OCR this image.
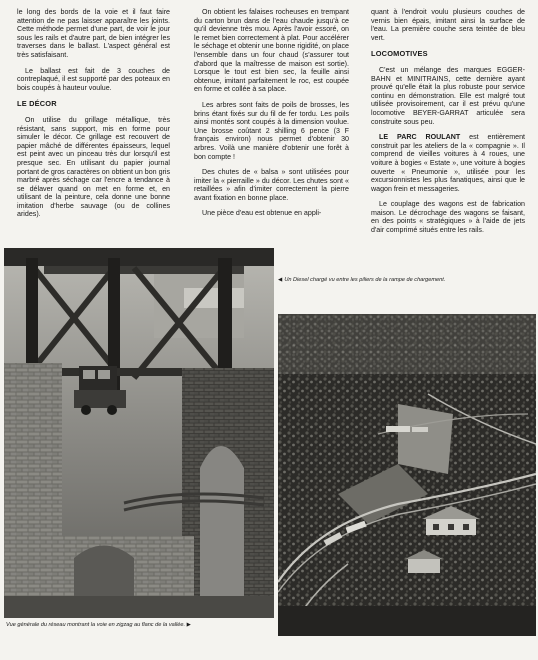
le long des bords de la voie et il faut faire attention de ne pas laisser apparaître les joints. Cette méthode permet d'une part, de voir le jour sous les rails et d'autre part, de bien intégrer les traverses dans le ballast. L'aspect général est très satisfaisant.

Le ballast est fait de 3 couches de contreplaqué, il est supporté par des poteaux en bois coupés à hauteur voulue.

LE DÉCOR

On utilise du grillage métallique, très résistant, sans support, mis en forme pour simuler le décor. Ce grillage est recouvert de papier mâché de différentes épaisseurs, lequel est peint avec un pinceau très dur lorsqu'il est presque sec. En utilisant du papier journal portant de gros caractères on obtient un bon gris marbré après séchage car l'encre a tendance à se délaver quand on met en forme et, en utilisant de la peinture, cela donne une bonne imitation d'herbe sauvage (ou de collines arides).

On obtient les falaises rocheuses en trempant du carton brun dans de l'eau chaude jusqu'à ce qu'il devienne très mou. Après l'avoir essoré, on le remet bien correctement à plat. Pour accélérer le séchage et obtenir une bonne rigidité, on place l'ensemble dans un four chaud (s'assurer tout d'abord que la maîtresse de maison est sortie). Lorsque le tout est bien sec, la feuille ainsi obtenue, imitant parfaitement le roc, est coupée en forme et collée à sa place.

Les arbres sont faits de poils de brosses, les brins étant fixés sur du fil de fer tordu. Les poils ainsi montés sont coupés à la dimension voulue. Une brosse coûtant 2 shilling 6 pence (3 F français environ) nous permet d'obtenir 30 arbres. Voilà une manière d'obtenir une forêt à bon compte !

Des chutes de « balsa » sont utilisées pour imiter la « pierraille » du décor. Les chutes sont « retaillées » afin d'imiter correctement la pierre avant fixation en bonne place.

Une pièce d'eau est obtenue en appli-

quant à l'endroit voulu plusieurs couches de vernis bien épais, imitant ainsi la surface de l'eau. La première couche sera teintée de bleu vert.

LOCOMOTIVES

C'est un mélange des marques EGGER-BAHN et MINITRAINS, cette dernière ayant prouvé qu'elle était la plus robuste pour service continu en démonstration. Elle est malgré tout utilisée provisoirement, car il est prévu qu'une locomotive BEYER-GARRAT articulée sera construite sous peu.

LE PARC ROULANT est entièrement construit par les ateliers de la « compagnie ». Il comprend de vieilles voitures à 4 roues, une voiture à bogies « Estate », une voiture à bogies ouverte « Pneumonie », utilisée pour les excursionnistes les plus fanatiques, ainsi que le wagon frein et messageries.

Le couplage des wagons est de fabrication maison. Le décrochage des wagons se faisant, en des points « stratégiques » à l'aide de jets d'air comprimé situés entre les rails.

◀ Un Diesel chargé vu entre les piliers de la rampe de chargement.
Vue générale du réseau montrant la voie en zigzag au flanc de la vallée. ▶
